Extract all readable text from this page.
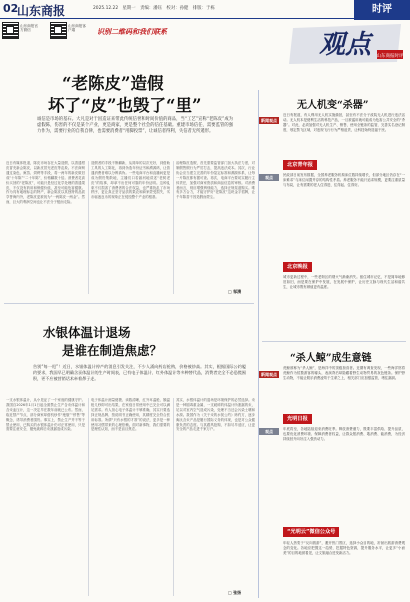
02
山东商报	2025.12.22　星期一　责编：潘钰　校对：孙健　排版：于栋	时评
山东商报官方微信
山东商报客户端	识别二维码和我们联系	观点	山东商报时评
“老陈皮”造假
坏了“皮”也毁了“里”
诚信是市场的基石。大凡是对于因造证来带此传统信誉和时间价值的商品，当“工艺”宣称“老陈皮”成为虚假陈，伤害的不仅是某个产业，更是商家，更是整个社会的信任基础。重建市场信任，需要监管的强力作为，需要行业的自我自律，也需要消费者“用脚投票”，让诚信者得利，失信者无所遁形。
近日有媒体报道，陈皮市场存在大量造假，以普通柑皮冒充新会陈皮，以新皮冒充老皮等乱象。不法商贩通过染色、熏蒸、烘烤等手段，将一两年的新皮做旧成“十年陈”“二十年陈”，价格翻数十倍。消费者花高价买回的“老陈皮”，可能只是经过化学处理的普通果皮，不仅没有药用和保健价值，甚至可能危害健康。作为具有地理标志的特产，新会陈皮以其独特的品质享誉海内外，老陈皮更被视为“一两陈皮一两金”。然而，巨大的利润空间也让不法分子铤而走险。
造假者的手段不断翻新，从简单的以次充好，到借助工具的人工陈化，再到伪造年份证书和溯源码，让普通消费者难以分辨真伪。一些电商平台和直播间更是成为假货集散地，主播们口若悬河地讲述“老树老皮”的故事，却拿不出任何可靠的年份证明。这种乱象不仅损害了消费者的合法权益，也严重扰乱了市场秩序，更让真正坚守品质的果农和商家蒙受损失，劣币驱逐良币的现象正在侵蚀整个产业的根基。
治理陈皮造假，首先需要监管部门加大执法力度，对制假售假行为严厉打击，提高违法成本。其次，行业协会应当建立完善的年份鉴定标准和溯源体系，让每一片陈皮都有据可查。再次，电商平台要切实履行主体责任，加强对商家资质和商品信息的审核。对消费者而言，则应增强辨别能力，选择正规渠道购买。唯有多方合力，才能守护好“老陈皮”这块金字招牌，让千年陈香不因造假而蒙尘。
□ 邹清
水银体温计退场
是谁在制造焦虑？
告别“每一甩”！近日，水银体温计停产的消息引发关注，不少人涌向药店抢购，价格被炒高。其实，根据国际公约履约要求，我国早已明确含汞体温计的生产时间表，已有电子体温计、红外体温计等多种替代品，消费者完全不必恐慌囤积，更不应被营销话术牵着鼻子走。
一支水银体温计，从小见证了一个家庭的健康守护。我国自2026年1月1日起全面禁止生产含汞体温计和含汞血压计，这一决定早在数年前就已公布。然而，临近禁产节点，部分商家却借机炒作“绝版”“停售”等概念，诱导消费者囤货。事实上，禁止生产并不等于禁止使用，已购买的水银体温计仍可正常使用，只是需要注意安全，避免破碎后汞泄漏造成污染。
电子体温计测量便捷、读数清晰，红外耳温枪、额温枪几秒即可出结果，在家庭日常使用中已完全可以满足需求。有人担心电子体温计不够准确，其实只要选择正规品牌、按说明书正确使用，其精度完全符合医用标准。所谓“只有水银的才准”的说法，更多是一种使用习惯带来的心理依赖。面对新事物，我们需要的是理性认知，而不是盲目焦虑。
其实，水银体温计的退场是环境保护的必然选择。汞是一种剧毒重金属，一支破碎的体温计所泄漏的汞，足以对室内空气造成污染，处理不当还会污染土壤和水源。我国作为《关于汞的水俣公约》缔约方，逐步淘汰含汞产品是履行国际义务的体现，也是对公众健康负责的态度。与其跟风抢购，不如尽早适应，让更安全的产品走进千家万户。
□ 张扬
无人机变“杀器”
新闻观点
近日有报道，有人利用无人机实施偷拍，甚至有不法分子改装无人机进行违法活动。无人机本是便利生活的科技产品，一旦被滥用就可能成为危害公共安全的“杀器”。对此，必须加强对无人机生产、销售、使用全链条的监管，完善实名登记制度，划定禁飞区域，对违规飞行行为严格追责，让科技始终造福于民。
北京青年报
观点	民政部日前发布数据，全国养老服务机构床位数持续增长，但部分地区仍存在“一床难求”与床位闲置并存的结构性矛盾。养老服务不能只追求规模，更要注重质量与布局，让有需要的老人住得进、住得起、住得好。
北京晚报
城市更新过程中，一些老街区的烟火气渐渐消失。留住城市记忆，不是简单地修旧如旧，而是要在保护中发展，在发展中保护，让历史文脉与现代生活和谐共生，让城市既有颜值更有温度。
“杀人鲸”成生意链
新闻观点
虎鲸被称为“杀人鲸”，是海洋中的顶级掠食者。近期有调查发现，一些海洋馆将虎鲸作为招揽游客的噱头，表演背后却隐藏着野生动物贸易的灰色链条。保护野生动物，不能让娱乐消费凌驾于生命之上，相关部门应加强监管，堵住漏洞。
光明日报
观点	年底将至，各地陆续迎来消费旺季。释放消费潜力，既要丰富供给、提升品质，也要优化消费环境、保障消费者权益，让群众愿消费、敢消费、能消费，为经济持续回升向好注入强劲动力。
“光明云”微信公众号
年轻人热衷于“反向旅游”，避开热门景区，选择小众目的地，折射出旅游消费观念的变化。各地应把握这一趋势，挖掘特色资源，提升服务水平，让更多“小而美”的目的地被看见，让文旅融合迸发新活力。
